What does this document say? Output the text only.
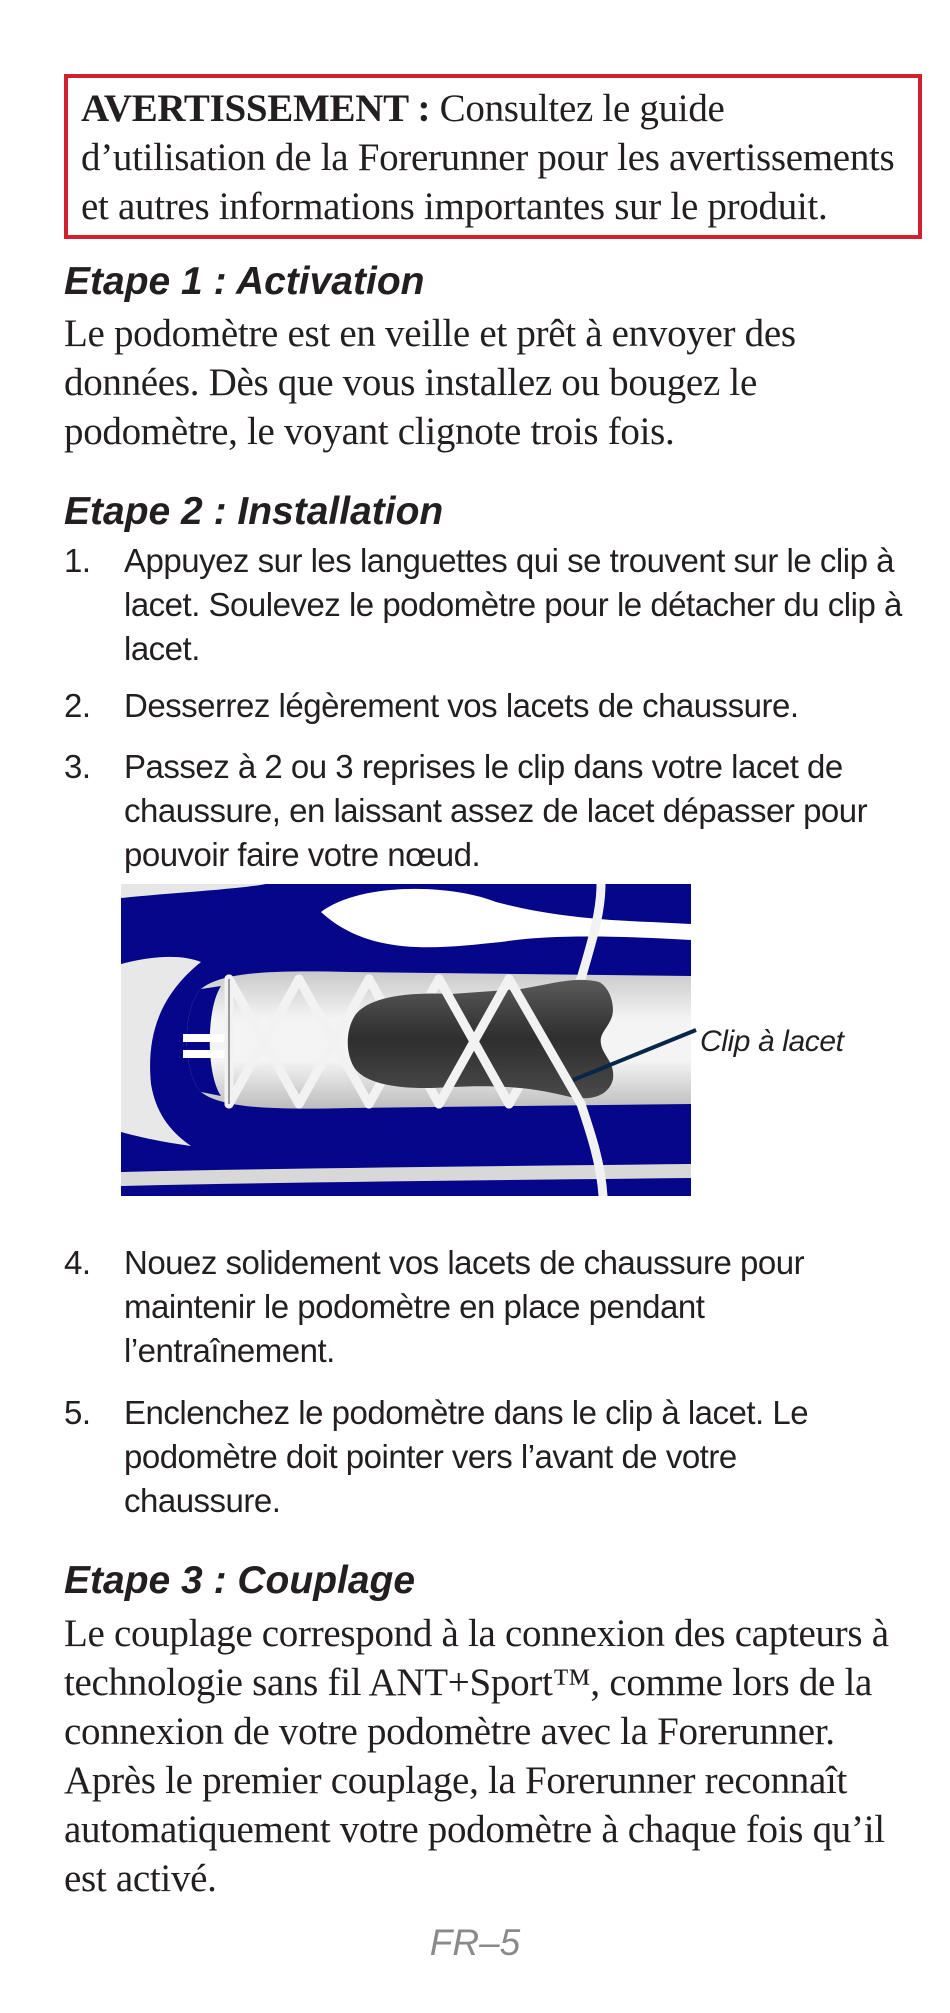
AVERTISSEMENT : Consultez le guide d’utilisation de la Forerunner pour les avertissements et autres informations importantes sur le produit.
Etape 1 : Activation

Le podomètre est en veille et prêt à envoyer des données. Dès que vous installez ou bougez le podomètre, le voyant clignote trois fois.

Etape 2 : Installation
1. Appuyez sur les languettes qui se trouvent sur le clip à lacet. Soulevez le podomètre pour le détacher du clip à lacet.
2. Desserrez légèrement vos lacets de chaussure.
3. Passez à 2 ou 3 reprises le clip dans votre lacet de chaussure, en laissant assez de lacet dépasser pour pouvoir faire votre nœud.
Clip à lacet
4. Nouez solidement vos lacets de chaussure pour maintenir le podomètre en place pendant l’entraînement.
5. Enclenchez le podomètre dans le clip à lacet. Le podomètre doit pointer vers l’avant de votre chaussure.
Etape 3 : Couplage

Le couplage correspond à la connexion des capteurs à technologie sans fil ANT+Sport™, comme lors de la connexion de votre podomètre avec la Forerunner. Après le premier couplage, la Forerunner reconnaît automatiquement votre podomètre à chaque fois qu’il est activé.

FR–5
